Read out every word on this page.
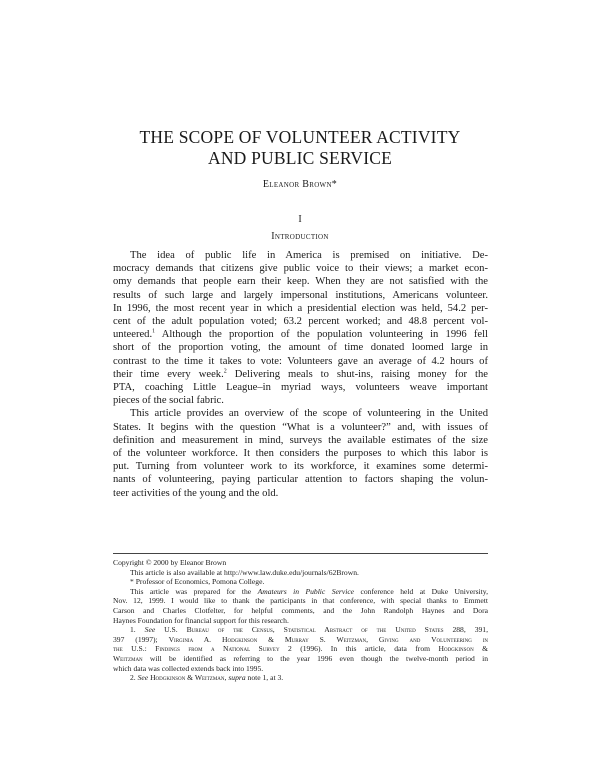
THE SCOPE OF VOLUNTEER ACTIVITY
AND PUBLIC SERVICE
Eleanor Brown*
I
Introduction
The idea of public life in America is premised on initiative. De-
mocracy demands that citizens give public voice to their views; a market econ-
omy demands that people earn their keep. When they are not satisfied with the
results of such large and largely impersonal institutions, Americans volunteer.
In 1996, the most recent year in which a presidential election was held, 54.2 per-
cent of the adult population voted; 63.2 percent worked; and 48.8 percent vol-
unteered.$^1$ Although the proportion of the population volunteering in 1996 fell
short of the proportion voting, the amount of time donated loomed large in
contrast to the time it takes to vote: Volunteers gave an average of 4.2 hours of
their time every week.$^2$ Delivering meals to shut-ins, raising money for the
PTA, coaching Little League–in myriad ways, volunteers weave important
pieces of the social fabric.
This article provides an overview of the scope of volunteering in the United
States. It begins with the question “What is a volunteer?” and, with issues of
definition and measurement in mind, surveys the available estimates of the size
of the volunteer workforce. It then considers the purposes to which this labor is
put. Turning from volunteer work to its workforce, it examines some determi-
nants of volunteering, paying particular attention to factors shaping the volun-
teer activities of the young and the old.
Copyright © 2000 by Eleanor Brown
This article is also available at http://www.law.duke.edu/journals/62Brown.
* Professor of Economics, Pomona College.
This article was prepared for the Amateurs in Public Service conference held at Duke University,
Nov. 12, 1999. I would like to thank the participants in that conference, with special thanks to Emmett
Carson and Charles Clotfelter, for helpful comments, and the John Randolph Haynes and Dora
Haynes Foundation for financial support for this research.
1. See U.S. Bureau of the Census, Statistical Abstract of the United States 288, 391,
397 (1997); Virginia A. Hodgkinson & Murray S. Weitzman, Giving and Volunteering in
the U.S.: Findings from a National Survey 2 (1996). In this article, data from Hodgkinson &
Weitzman will be identified as referring to the year 1996 even though the twelve-month period in
which data was collected extends back into 1995.
2. See Hodgkinson & Weitzman, supra note 1, at 3.
